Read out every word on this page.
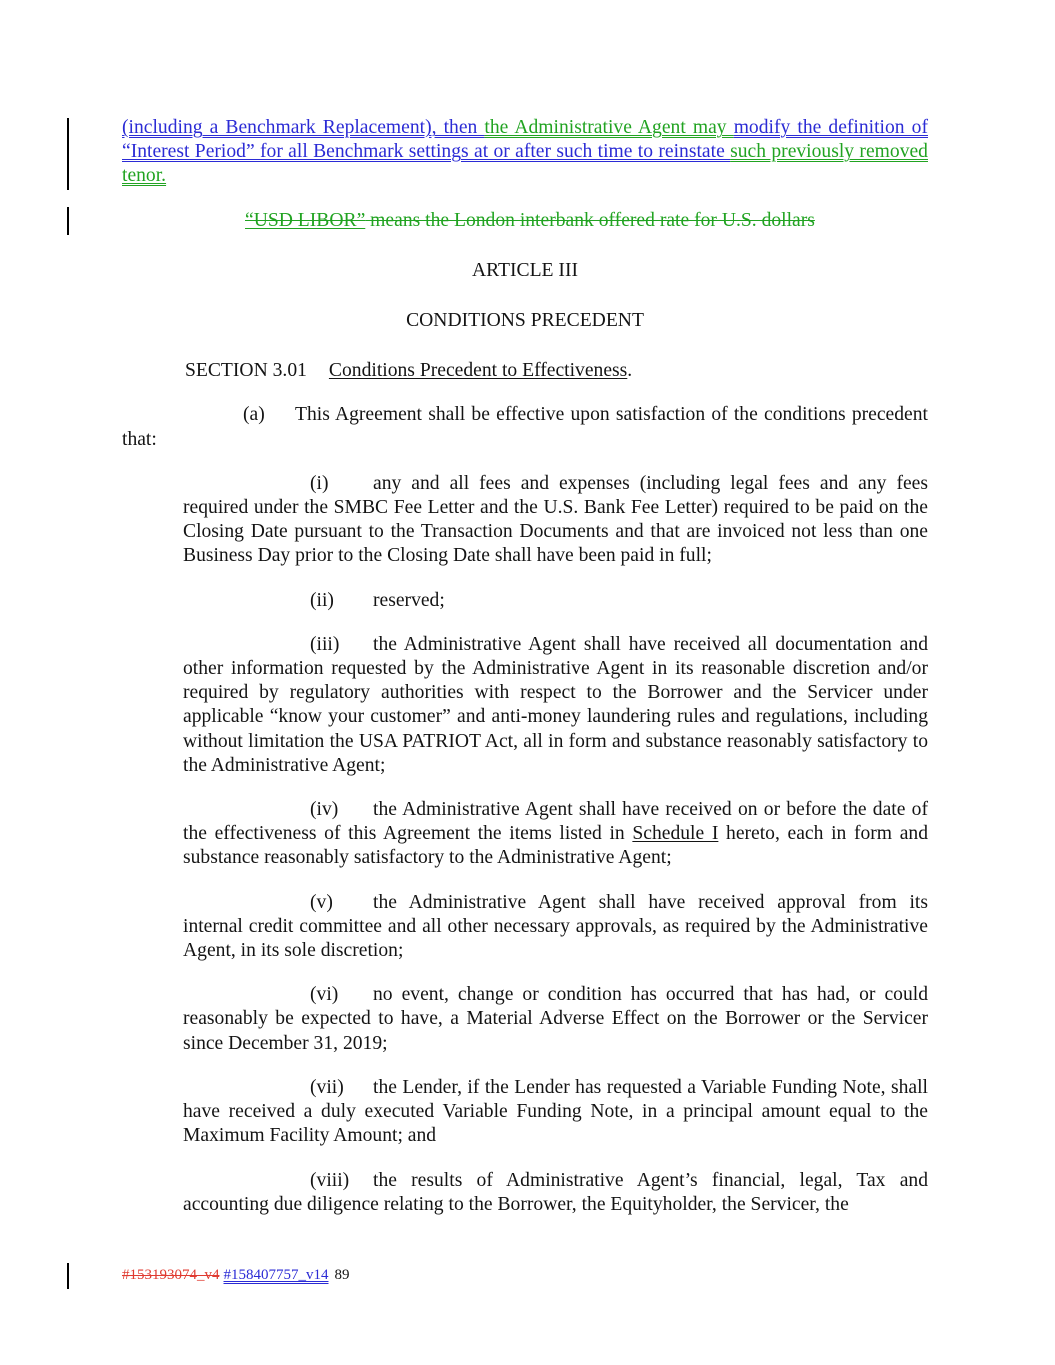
(including a Benchmark Replacement), then the Administrative Agent may modify the definition of “Interest Period” for all Benchmark settings at or after such time to reinstate such previously removed tenor.

“USD LIBOR” means the London interbank offered rate for U.S. dollars

ARTICLE III

CONDITIONS PRECEDENT

SECTION 3.01 Conditions Precedent to Effectiveness.

(a) This Agreement shall be effective upon satisfaction of the conditions precedent that:

(i) any and all fees and expenses (including legal fees and any fees required under the SMBC Fee Letter and the U.S. Bank Fee Letter) required to be paid on the Closing Date pursuant to the Transaction Documents and that are invoiced not less than one Business Day prior to the Closing Date shall have been paid in full;

(ii) reserved;

(iii) the Administrative Agent shall have received all documentation and other information requested by the Administrative Agent in its reasonable discretion and/or required by regulatory authorities with respect to the Borrower and the Servicer under applicable “know your customer” and anti-money laundering rules and regulations, including without limitation the USA PATRIOT Act, all in form and substance reasonably satisfactory to the Administrative Agent;

(iv) the Administrative Agent shall have received on or before the date of the effectiveness of this Agreement the items listed in Schedule I hereto, each in form and substance reasonably satisfactory to the Administrative Agent;

(v) the Administrative Agent shall have received approval from its internal credit committee and all other necessary approvals, as required by the Administrative Agent, in its sole discretion;

(vi) no event, change or condition has occurred that has had, or could reasonably be expected to have, a Material Adverse Effect on the Borrower or the Servicer since December 31, 2019;

(vii) the Lender, if the Lender has requested a Variable Funding Note, shall have received a duly executed Variable Funding Note, in a principal amount equal to the Maximum Facility Amount; and

(viii) the results of Administrative Agent’s financial, legal, Tax and accounting due diligence relating to the Borrower, the Equityholder, the Servicer, the

#153193074_v4 #158407757_v14 89
